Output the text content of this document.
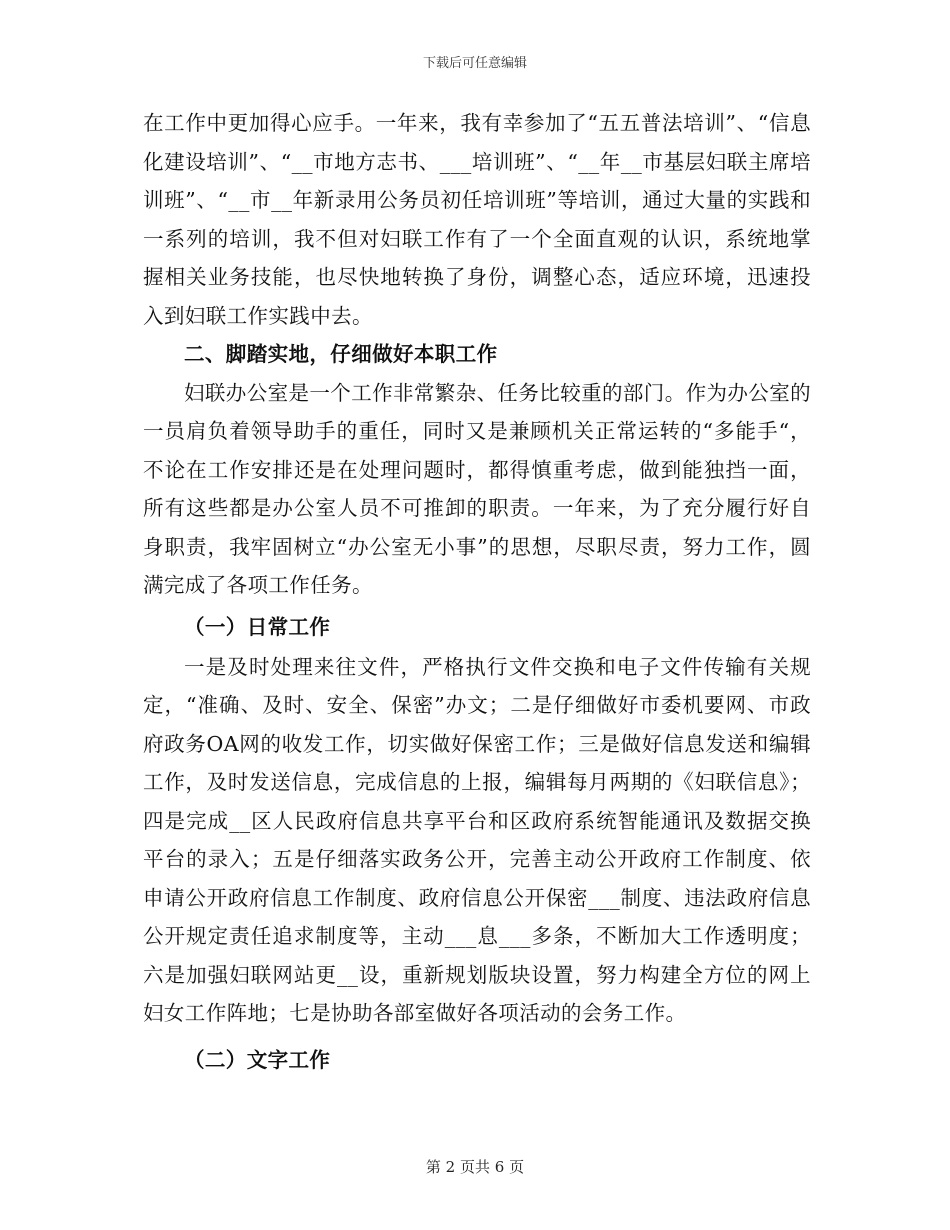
下载后可任意编辑

在工作中更加得心应手。一年来，我有幸参加了“五五普法培训”、“信息化建设培训”、“__市地方志书、___培训班”、“__年__市基层妇联主席培训班”、“__市__年新录用公务员初任培训班”等培训，通过大量的实践和一系列的培训，我不但对妇联工作有了一个全面直观的认识，系统地掌握相关业务技能，也尽快地转换了身份，调整心态，适应环境，迅速投入到妇联工作实践中去。

二、脚踏实地，仔细做好本职工作

妇联办公室是一个工作非常繁杂、任务比较重的部门。作为办公室的一员肩负着领导助手的重任，同时又是兼顾机关正常运转的“多能手“，不论在工作安排还是在处理问题时，都得慎重考虑，做到能独挡一面，所有这些都是办公室人员不可推卸的职责。一年来，为了充分履行好自身职责，我牢固树立“办公室无小事”的思想，尽职尽责，努力工作，圆满完成了各项工作任务。

（一）日常工作

一是及时处理来往文件，严格执行文件交换和电子文件传输有关规定，“准确、及时、安全、保密”办文；二是仔细做好市委机要网、市政府政务OA网的收发工作，切实做好保密工作；三是做好信息发送和编辑工作，及时发送信息，完成信息的上报，编辑每月两期的《妇联信息》；四是完成__区人民政府信息共享平台和区政府系统智能通讯及数据交换平台的录入；五是仔细落实政务公开，完善主动公开政府工作制度、依申请公开政府信息工作制度、政府信息公开保密___制度、违法政府信息公开规定责任追求制度等，主动___息___多条，不断加大工作透明度；六是加强妇联网站更__设，重新规划版块设置，努力构建全方位的网上妇女工作阵地；七是协助各部室做好各项活动的会务工作。

（二）文字工作

第 2 页共 6 页
